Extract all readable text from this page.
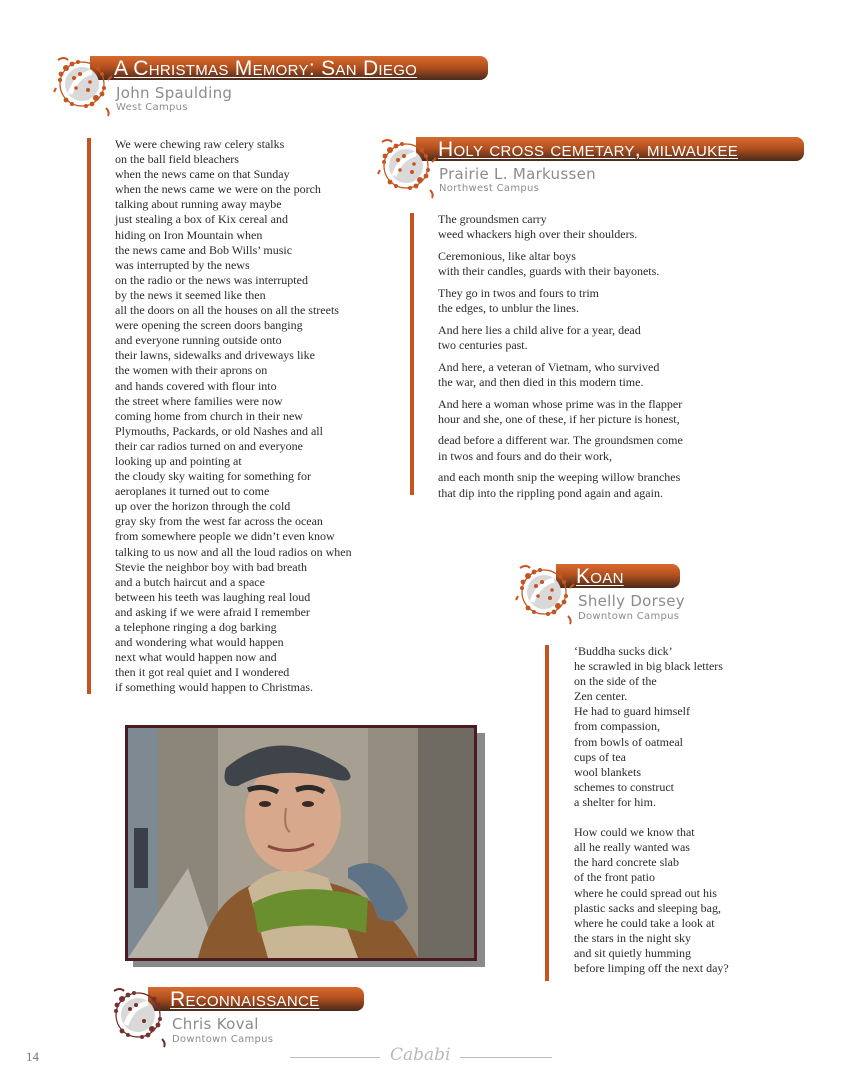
A Christmas Memory: San Diego
John Spaulding
West Campus
We were chewing raw celery stalks
on the ball field bleachers
when the news came on that Sunday
when the news came we were on the porch
talking about running away maybe
just stealing a box of Kix cereal and
hiding on Iron Mountain when
the news came and Bob Wills’ music
was interrupted by the news
on the radio or the news was interrupted
by the news it seemed like then
all the doors on all the houses on all the streets
were opening the screen doors banging
and everyone running outside onto
their lawns, sidewalks and driveways like
the women with their aprons on
and hands covered with flour into
the street where families were now
coming home from church in their new
Plymouths, Packards, or old Nashes and all
their car radios turned on and everyone
looking up and pointing at
the cloudy sky waiting for something for
aeroplanes it turned out to come
up over the horizon through the cold
gray sky from the west far across the ocean
from somewhere people we didn’t even know
talking to us now and all the loud radios on when
Stevie the neighbor boy with bad breath
and a butch haircut and a space
between his teeth was laughing real loud
and asking if we were afraid I remember
a telephone ringing a dog barking
and wondering what would happen
next what would happen now and
then it got real quiet and I wondered
if something would happen to Christmas.
Holy cross cemetary, milwaukee
Prairie L. Markussen
Northwest Campus
The groundsmen carry
weed whackers high over their shoulders.
Ceremonious, like altar boys
with their candles, guards with their bayonets.
They go in twos and fours to trim
the edges, to unblur the lines.
And here lies a child alive for a year, dead
two centuries past.
And here, a veteran of Vietnam, who survived
the war, and then died in this modern time.
And here a woman whose prime was in the flapper
hour and she, one of these, if her picture is honest,
dead before a different war. The groundsmen come
in twos and fours and do their work,
and each month snip the weeping willow branches
that dip into the rippling pond again and again.
Koan
Shelly Dorsey
Downtown Campus
‘Buddha sucks dick’
he scrawled in big black letters
on the side of the
Zen center.
He had to guard himself
from compassion,
from bowls of oatmeal
cups of tea
wool blankets
schemes to construct
a shelter for him.
How could we know that
all he really wanted was
the hard concrete slab
of the front patio
where he could spread out his
plastic sacks and sleeping bag,
where he could take a look at
the stars in the night sky
and sit quietly humming
before limping off the next day?
Reconnaissance
Chris Koval
Downtown Campus
14	Cababi
